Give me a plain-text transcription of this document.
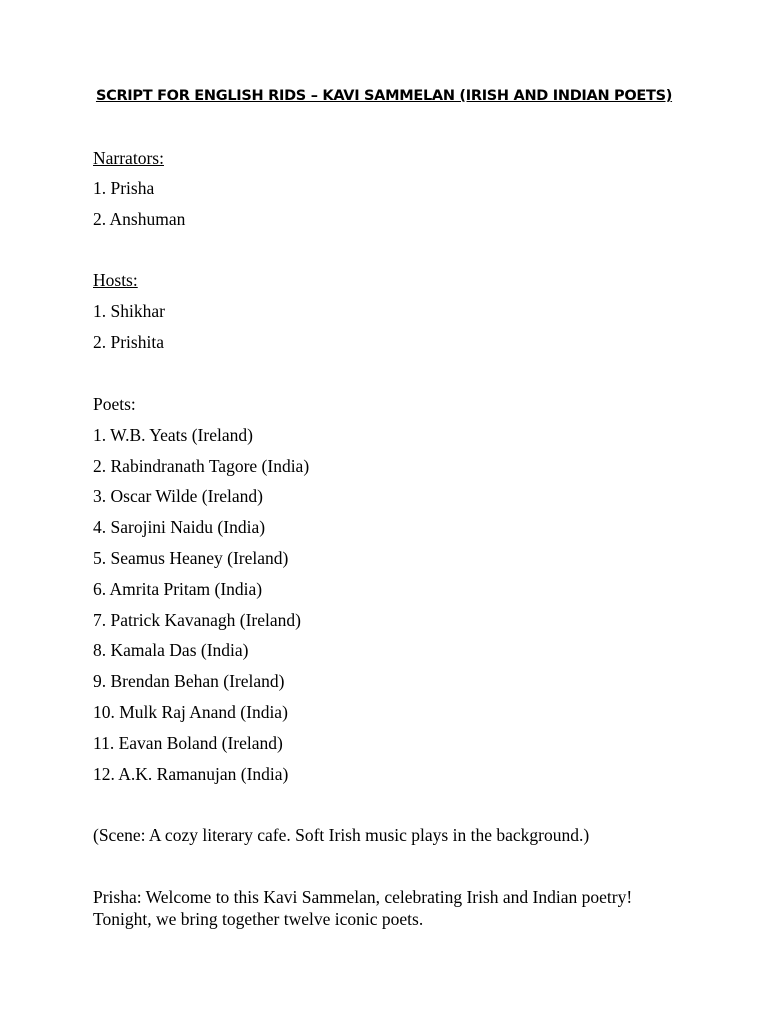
SCRIPT FOR ENGLISH RIDS – KAVI SAMMELAN (IRISH AND INDIAN POETS)
Narrators:
1. Prisha
2. Anshuman
Hosts:
1. Shikhar
2. Prishita
Poets:
1. W.B. Yeats (Ireland)
2. Rabindranath Tagore (India)
3. Oscar Wilde (Ireland)
4. Sarojini Naidu (India)
5. Seamus Heaney (Ireland)
6. Amrita Pritam (India)
7. Patrick Kavanagh (Ireland)
8. Kamala Das (India)
9. Brendan Behan (Ireland)
10. Mulk Raj Anand (India)
11. Eavan Boland (Ireland)
12. A.K. Ramanujan (India)
(Scene: A cozy literary cafe. Soft Irish music plays in the background.)
Prisha: Welcome to this Kavi Sammelan, celebrating Irish and Indian poetry! Tonight, we bring together twelve iconic poets.
